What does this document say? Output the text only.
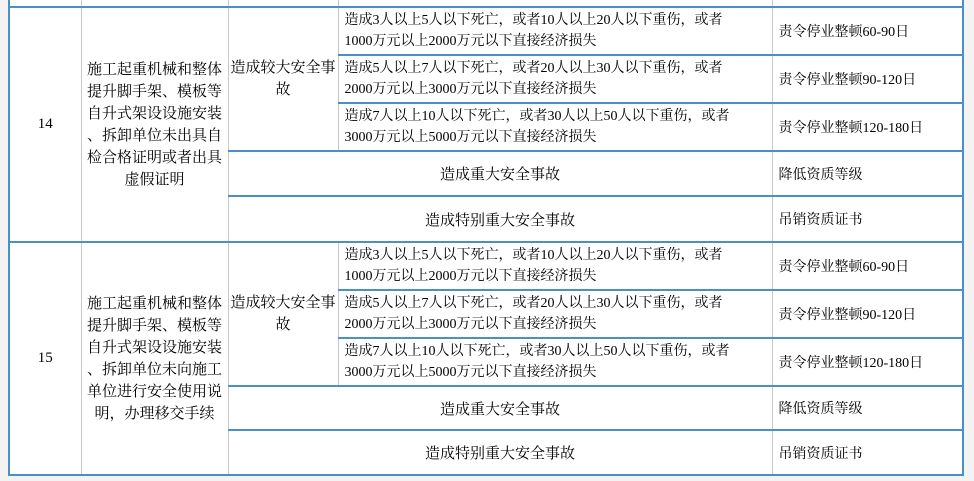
14	施工起重机械和整体提升脚手架、模板等自升式架设设施安装、拆卸单位未出具自检合格证明或者出具虚假证明	造成较大安全事故	造成3人以上5人以下死亡，或者10人以上20人以下重伤，或者1000万元以上2000万元以下直接经济损失	责令停业整顿60-90日
			造成5人以上7人以下死亡，或者20人以上30人以下重伤，或者2000万元以上3000万元以下直接经济损失	责令停业整顿90-120日
			造成7人以上10人以下死亡，或者30人以上50人以下重伤，或者3000万元以上5000万元以下直接经济损失	责令停业整顿120-180日
		造成重大安全事故		降低资质等级
		造成特别重大安全事故		吊销资质证书
15	施工起重机械和整体提升脚手架、模板等自升式架设设施安装、拆卸单位未向施工单位进行安全使用说明，办理移交手续	造成较大安全事故	造成3人以上5人以下死亡，或者10人以上20人以下重伤，或者1000万元以上2000万元以下直接经济损失	责令停业整顿60-90日
			造成5人以上7人以下死亡，或者20人以上30人以下重伤，或者2000万元以上3000万元以下直接经济损失	责令停业整顿90-120日
			造成7人以上10人以下死亡，或者30人以上50人以下重伤，或者3000万元以上5000万元以下直接经济损失	责令停业整顿120-180日
		造成重大安全事故		降低资质等级
		造成特别重大安全事故		吊销资质证书
